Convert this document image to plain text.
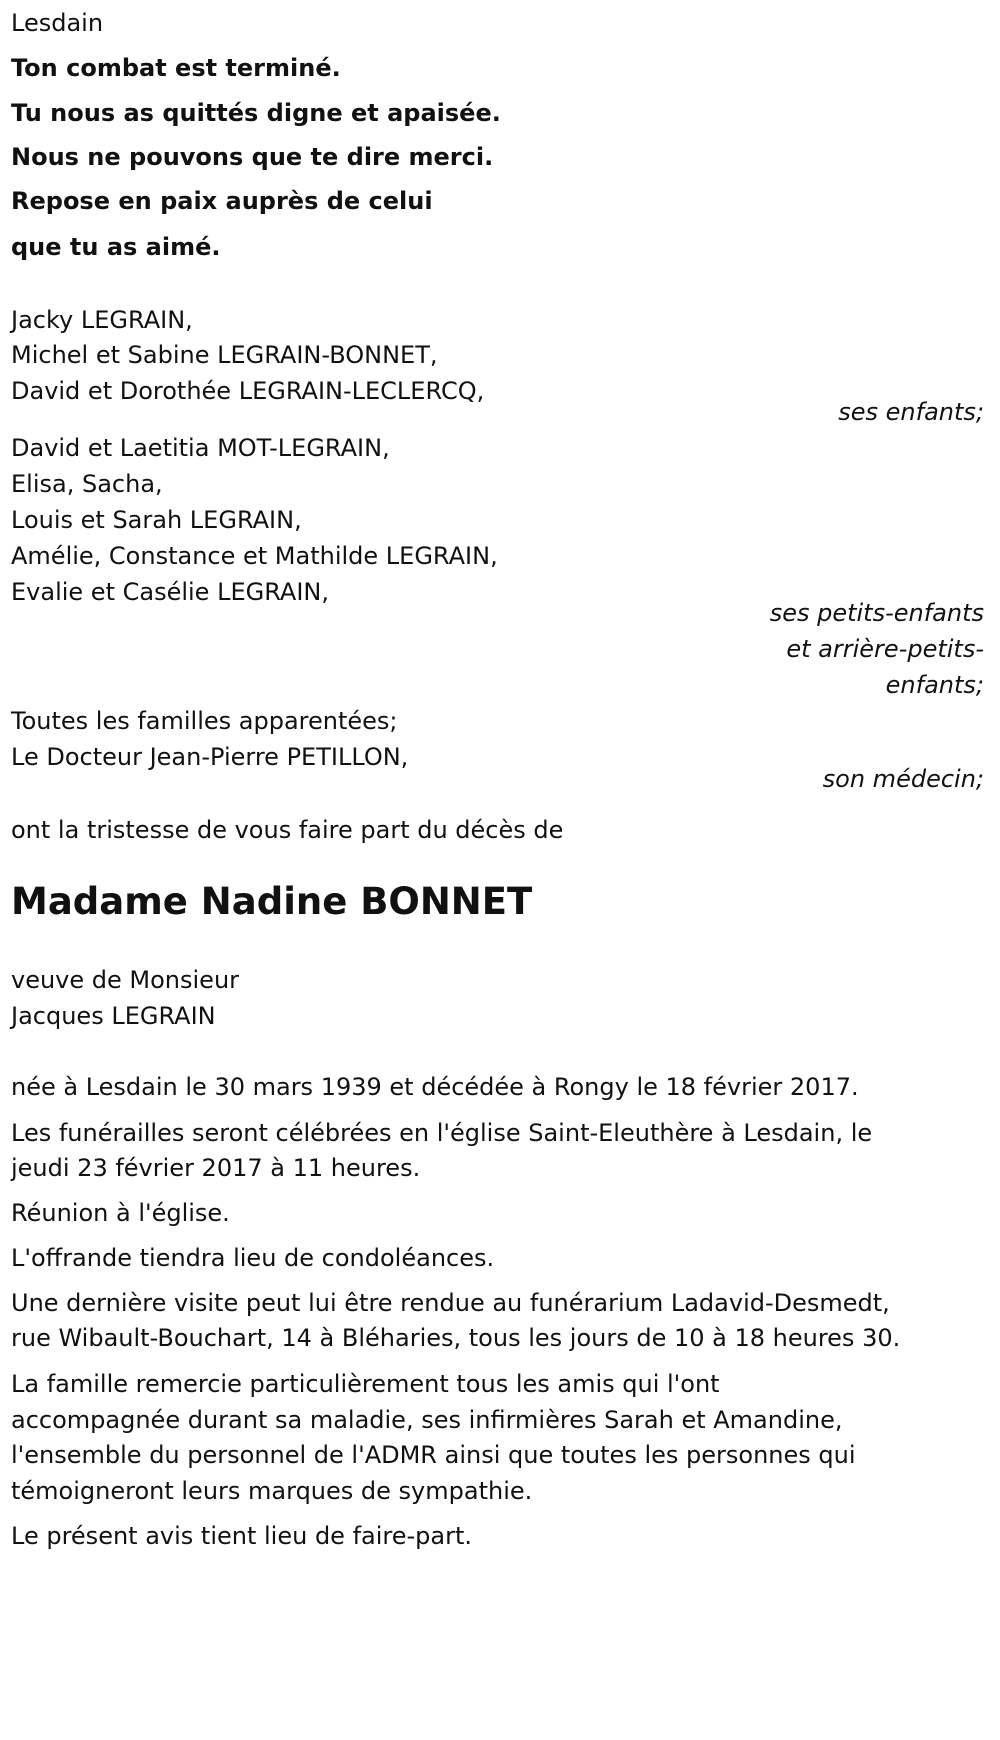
Lesdain
Ton combat est terminé.
Tu nous as quittés digne et apaisée.
Nous ne pouvons que te dire merci.
Repose en paix auprès de celui
que tu as aimé.
Jacky LEGRAIN,
Michel et Sabine LEGRAIN-BONNET,
David et Dorothée LEGRAIN-LECLERCQ,
ses enfants;
David et Laetitia MOT-LEGRAIN,
Elisa, Sacha,
Louis et Sarah LEGRAIN,
Amélie, Constance et Mathilde LEGRAIN,
Evalie et Casélie LEGRAIN,
ses petits-enfants
et arrière-petits-
enfants;
Toutes les familles apparentées;
Le Docteur Jean-Pierre PETILLON,
son médecin;
ont la tristesse de vous faire part du décès de
Madame Nadine BONNET
veuve de Monsieur
Jacques LEGRAIN
née à Lesdain le 30 mars 1939 et décédée à Rongy le 18 février 2017.
Les funérailles seront célébrées en l'église Saint-Eleuthère à Lesdain, le
jeudi 23 février 2017 à 11 heures.
Réunion à l'église.
L'offrande tiendra lieu de condoléances.
Une dernière visite peut lui être rendue au funérarium Ladavid-Desmedt,
rue Wibault-Bouchart, 14 à Bléharies, tous les jours de 10 à 18 heures 30.
La famille remercie particulièrement tous les amis qui l'ont
accompagnée durant sa maladie, ses infirmières Sarah et Amandine,
l'ensemble du personnel de l'ADMR ainsi que toutes les personnes qui
témoigneront leurs marques de sympathie.
Le présent avis tient lieu de faire-part.
